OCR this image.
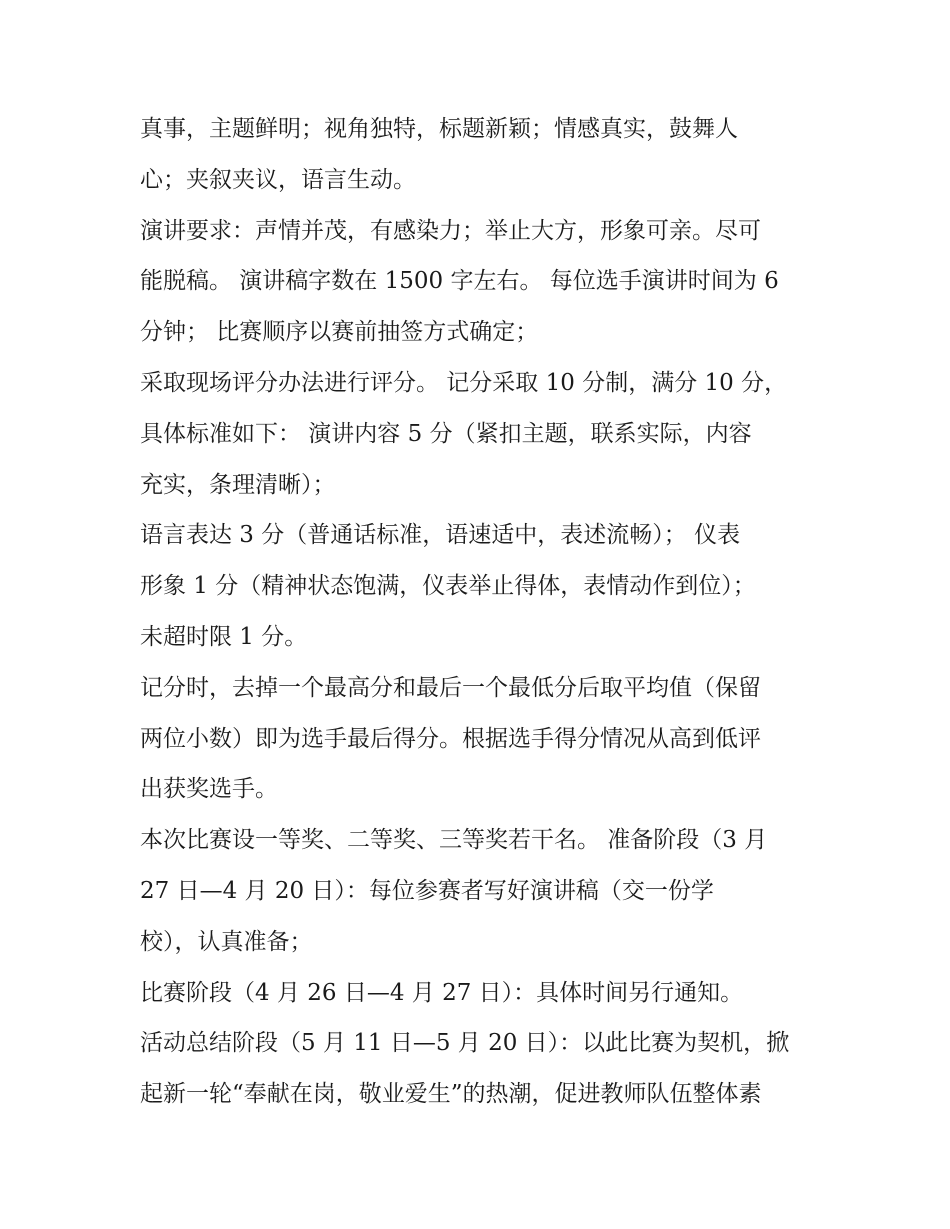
真事，主题鲜明；视角独特，标题新颖；情感真实，鼓舞人
心；夹叙夹议，语言生动。
演讲要求：声情并茂，有感染力；举止大方，形象可亲。尽可
能脱稿。 演讲稿字数在 1500 字左右。 每位选手演讲时间为 6
分钟； 比赛顺序以赛前抽签方式确定；
采取现场评分办法进行评分。 记分采取 10 分制，满分 10 分，
具体标准如下： 演讲内容 5 分（紧扣主题，联系实际，内容
充实，条理清晰）；
语言表达 3 分（普通话标准，语速适中，表述流畅）； 仪表
形象 1 分（精神状态饱满，仪表举止得体，表情动作到位）；
未超时限 1 分。
记分时，去掉一个最高分和最后一个最低分后取平均值（保留
两位小数）即为选手最后得分。根据选手得分情况从高到低评
出获奖选手。
本次比赛设一等奖、二等奖、三等奖若干名。 准备阶段（3 月
27 日—4 月 20 日）：每位参赛者写好演讲稿（交一份学
校），认真准备；
比赛阶段（4 月 26 日—4 月 27 日）：具体时间另行通知。
活动总结阶段（5 月 11 日—5 月 20 日）：以此比赛为契机，掀
起新一轮“奉献在岗，敬业爱生”的热潮，促进教师队伍整体素
